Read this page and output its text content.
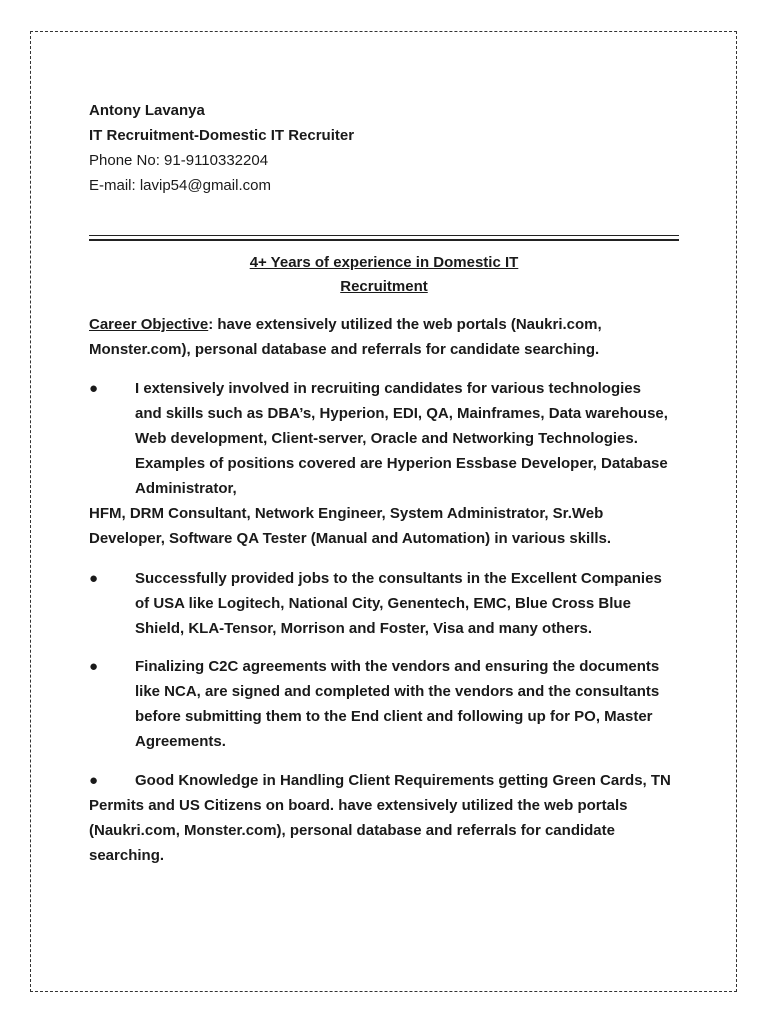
Antony Lavanya
IT Recruitment-Domestic IT Recruiter
Phone No: 91-9110332204
E-mail: lavip54@gmail.com
4+ Years of experience in Domestic IT
Recruitment
Career Objective: have extensively utilized the web portals (Naukri.com,
Monster.com), personal database and referrals for candidate searching.
●	I extensively involved in recruiting candidates for various technologies
and skills such as DBA’s, Hyperion, EDI, QA, Mainframes, Data warehouse,
Web development, Client-server, Oracle and Networking Technologies.
Examples of positions covered are Hyperion Essbase Developer, Database
Administrator,
HFM, DRM Consultant, Network Engineer, System Administrator, Sr.Web
Developer, Software QA Tester (Manual and Automation) in various skills.
●	Successfully provided jobs to the consultants in the Excellent Companies
of USA like Logitech, National City, Genentech, EMC, Blue Cross Blue
Shield, KLA-Tensor, Morrison and Foster, Visa and many others.
●	Finalizing C2C agreements with the vendors and ensuring the documents
like NCA, are signed and completed with the vendors and the consultants
before submitting them to the End client and following up for PO, Master
Agreements.
● Good Knowledge in Handling Client Requirements getting Green Cards, TN
Permits and US Citizens on board. have extensively utilized the web portals
(Naukri.com, Monster.com), personal database and referrals for candidate
searching.
